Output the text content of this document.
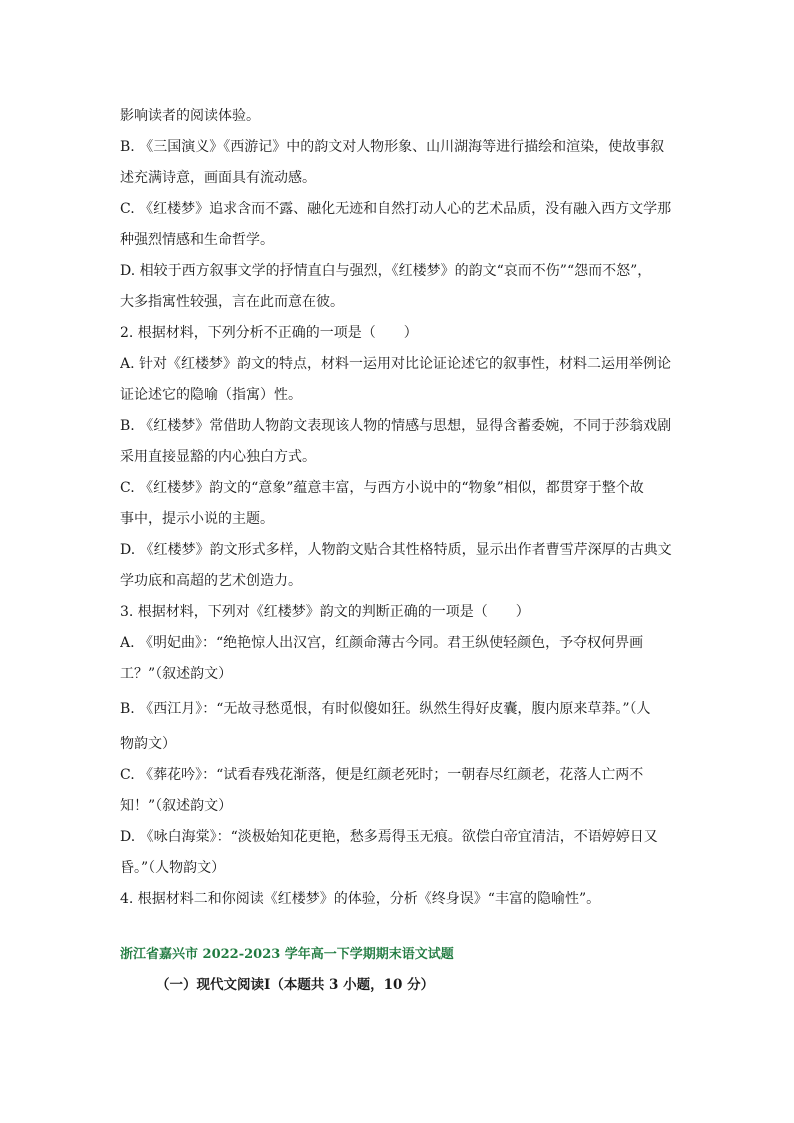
影响读者的阅读体验。
B. 《三国演义》《西游记》中的韵文对人物形象、山川湖海等进行描绘和渲染，使故事叙
述充满诗意，画面具有流动感。
C. 《红楼梦》追求含而不露、融化无迹和自然打动人心的艺术品质，没有融入西方文学那
种强烈情感和生命哲学。
D. 相较于西方叙事文学的抒情直白与强烈，《红楼梦》的韵文“哀而不伤”“怨而不怒”，
大多指寓性较强，言在此而意在彼。
2. 根据材料，下列分析不正确的一项是（　　）
A. 针对《红楼梦》韵文的特点，材料一运用对比论证论述它的叙事性，材料二运用举例论
证论述它的隐喻（指寓）性。
B. 《红楼梦》常借助人物韵文表现该人物的情感与思想，显得含蓄委婉，不同于莎翁戏剧
采用直接显豁的内心独白方式。
C. 《红楼梦》韵文的“意象”蕴意丰富，与西方小说中的“物象”相似，都贯穿于整个故
事中，提示小说的主题。
D. 《红楼梦》韵文形式多样，人物韵文贴合其性格特质，显示出作者曹雪芹深厚的古典文
学功底和高超的艺术创造力。
3. 根据材料，下列对《红楼梦》韵文的判断正确的一项是（　　）
A. 《明妃曲》：“绝艳惊人出汉宫，红颜命薄古今同。君王纵使轻颜色，予夺权何畀画
工？”（叙述韵文）
B. 《西江月》：“无故寻愁觅恨，有时似傻如狂。纵然生得好皮囊，腹内原来草莽。”（人
物韵文）
C. 《葬花吟》：“试看春残花渐落，便是红颜老死时；一朝春尽红颜老，花落人亡两不
知！”（叙述韵文）
D. 《咏白海棠》：“淡极始知花更艳，愁多焉得玉无痕。欲偿白帝宜清洁，不语婷婷日又
昏。”（人物韵文）
4. 根据材料二和你阅读《红楼梦》的体验，分析《终身误》“丰富的隐喻性”。
浙江省嘉兴市 2022-2023 学年高一下学期期末语文试题
（一）现代文阅读Ⅰ（本题共 3 小题，10 分）
